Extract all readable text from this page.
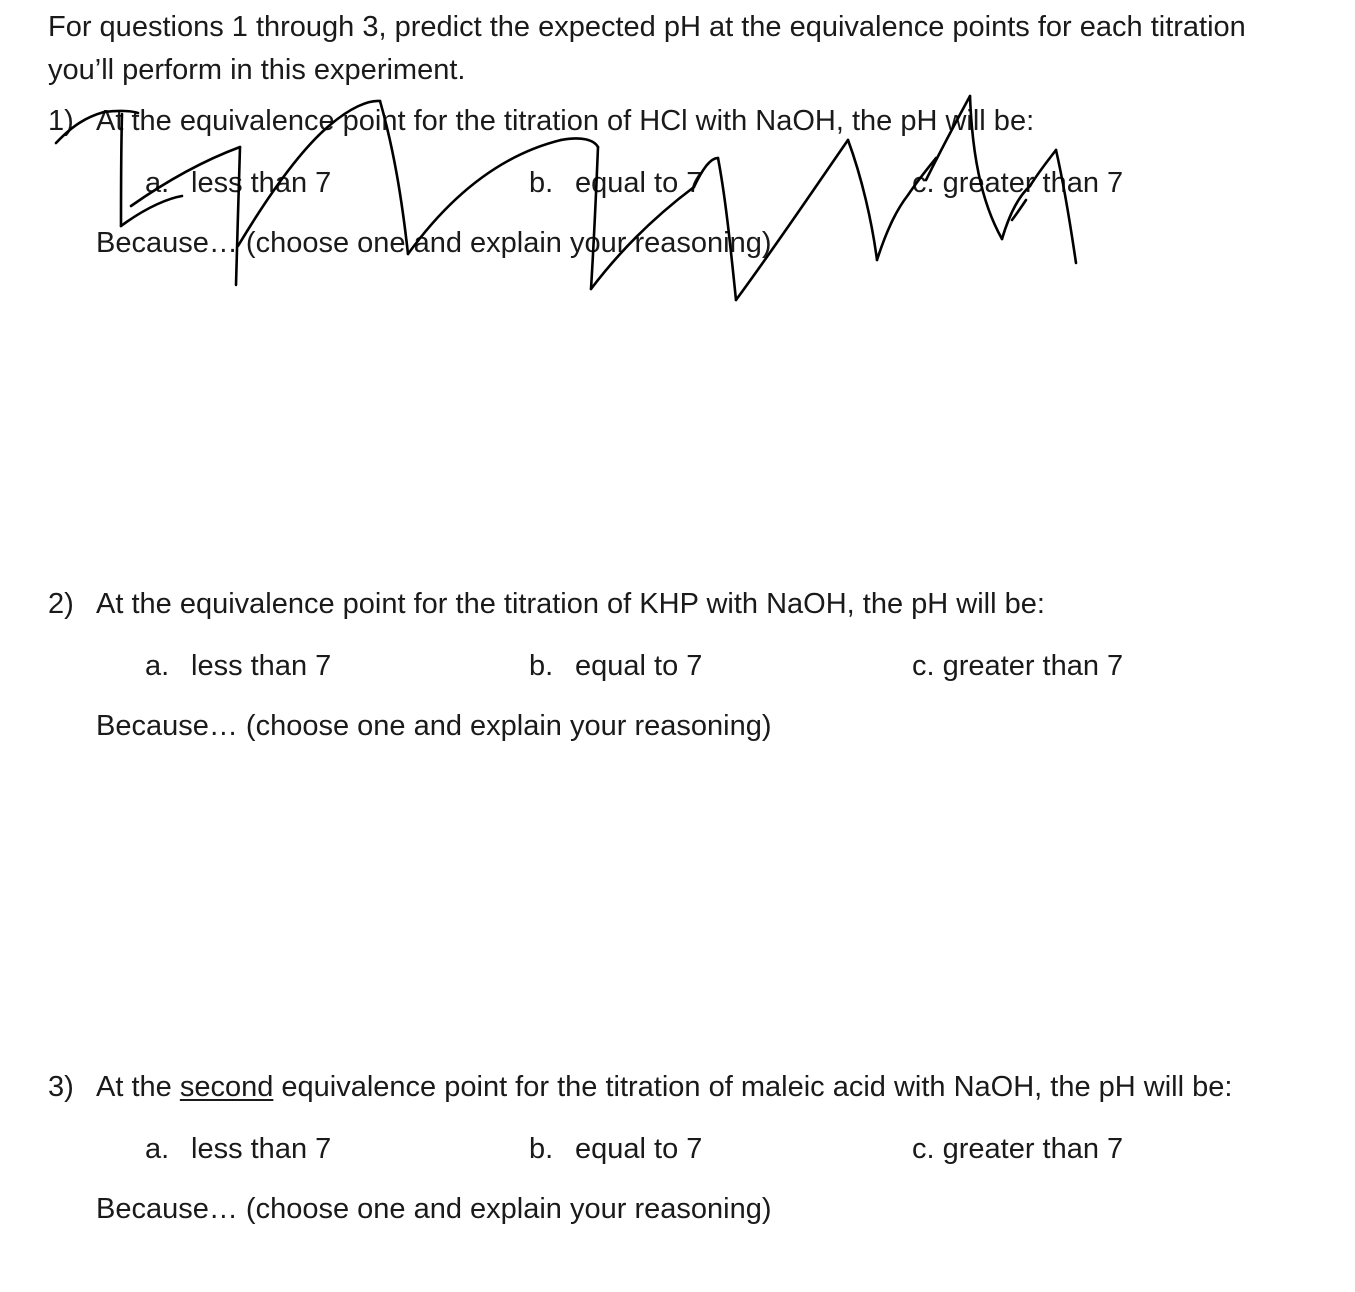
For questions 1 through 3, predict the expected pH at the equivalence points for each titration you’ll perform in this experiment.

1) At the equivalence point for the titration of HCl with NaOH, the pH will be:
a. less than 7	b. equal to 7	c. greater than 7
Because… (choose one and explain your reasoning)
2) At the equivalence point for the titration of KHP with NaOH, the pH will be:
a. less than 7	b. equal to 7	c. greater than 7
Because… (choose one and explain your reasoning)
3) At the second equivalence point for the titration of maleic acid with NaOH, the pH will be:
a. less than 7	b. equal to 7	c. greater than 7
Because… (choose one and explain your reasoning)
